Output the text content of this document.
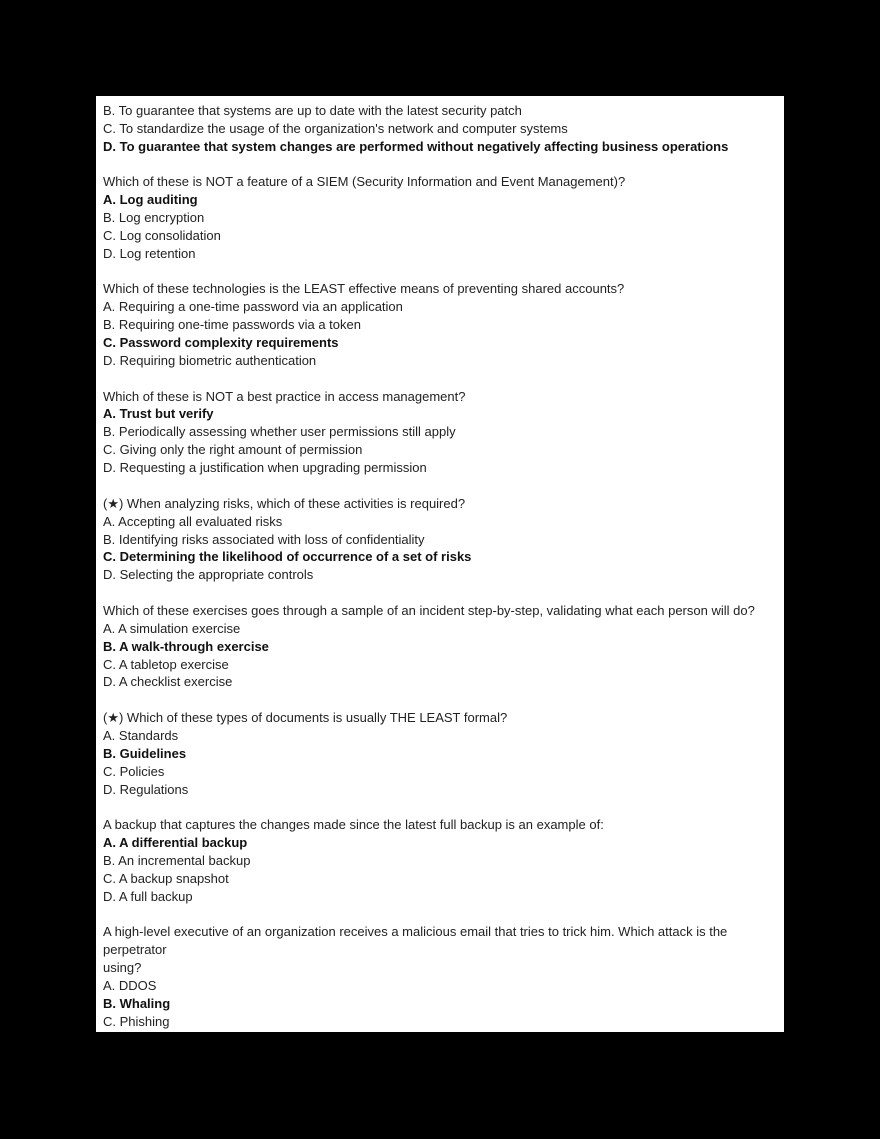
B. To guarantee that systems are up to date with the latest security patch
C. To standardize the usage of the organization's network and computer systems
D. To guarantee that system changes are performed without negatively affecting business operations
Which of these is NOT a feature of a SIEM (Security Information and Event Management)?
A. Log auditing
B. Log encryption
C. Log consolidation
D. Log retention
Which of these technologies is the LEAST effective means of preventing shared accounts?
A. Requiring a one-time password via an application
B. Requiring one-time passwords via a token
C. Password complexity requirements
D. Requiring biometric authentication
Which of these is NOT a best practice in access management?
A. Trust but verify
B. Periodically assessing whether user permissions still apply
C. Giving only the right amount of permission
D. Requesting a justification when upgrading permission
(★) When analyzing risks, which of these activities is required?
A. Accepting all evaluated risks
B. Identifying risks associated with loss of confidentiality
C. Determining the likelihood of occurrence of a set of risks
D. Selecting the appropriate controls
Which of these exercises goes through a sample of an incident step-by-step, validating what each person will do?
A. A simulation exercise
B. A walk-through exercise
C. A tabletop exercise
D. A checklist exercise
(★) Which of these types of documents is usually THE LEAST formal?
A. Standards
B. Guidelines
C. Policies
D. Regulations
A backup that captures the changes made since the latest full backup is an example of:
A. A differential backup
B. An incremental backup
C. A backup snapshot
D. A full backup
A high-level executive of an organization receives a malicious email that tries to trick him. Which attack is the
perpetrator
using?
A. DDOS
B. Whaling
C. Phishing
